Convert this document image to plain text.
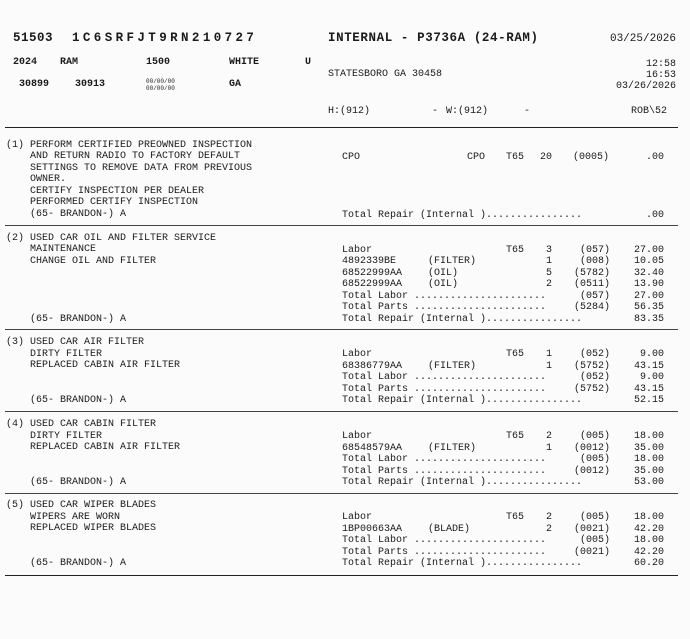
51503 1C6SRFJT9RN210727	INTERNAL - P3736A (24-RAM)	03/25/2026
2024 RAM	1500	WHITE	U	12:58
STATESBORO GA 30458	16:53
03/26/2026
30899	30913	00/00/00
00/00/00	GA
H:(912)	- W:(912)	-	ROB\52
(1) PERFORM CERTIFIED PREOWNED INSPECTION
AND RETURN RADIO TO FACTORY DEFAULT
SETTINGS TO REMOVE DATA FROM PREVIOUS
OWNER.
CERTIFY INSPECTION PER DEALER
PERFORMED CERTIFY INSPECTION
(65- BRANDON-) A
CPO	CPO T65 20 (0005)	.00
Total Repair (Internal )................	.00
(2) USED CAR OIL AND FILTER SERVICE
MAINTENANCE
CHANGE OIL AND FILTER
(65- BRANDON-) A
Labor	T65 3	(057) 27.00
4892339BE	(FILTER)	1	(008) 10.05
68522999AA	(OIL)	5 (5782) 32.40
68522999AA	(OIL)	2 (0511) 13.90
Total Labor ......................	(057) 27.00
Total Parts ......................	(5284) 56.35
Total Repair (Internal )................	83.35
(3) USED CAR AIR FILTER
DIRTY FILTER
REPLACED CABIN AIR FILTER
(65- BRANDON-) A
Labor	T65 1	(052)	9.00
68386779AA	(FILTER)	1 (5752) 43.15
Total Labor ......................	(052)	9.00
Total Parts ......................	(5752) 43.15
Total Repair (Internal )................	52.15
(4) USED CAR CABIN FILTER
DIRTY FILTER
REPLACED CABIN AIR FILTER
(65- BRANDON-) A
Labor	T65 2	(005) 18.00
68548579AA	(FILTER)	1 (0012) 35.00
Total Labor ......................	(005) 18.00
Total Parts ......................	(0012) 35.00
Total Repair (Internal )................	53.00
(5) USED CAR WIPER BLADES
WIPERS ARE WORN
REPLACED WIPER BLADES
(65- BRANDON-) A
Labor	T65 2	(005) 18.00
1BP00663AA	(BLADE)	2 (0021) 42.20
Total Labor ......................	(005) 18.00
Total Parts ......................	(0021) 42.20
Total Repair (Internal )................	60.20
